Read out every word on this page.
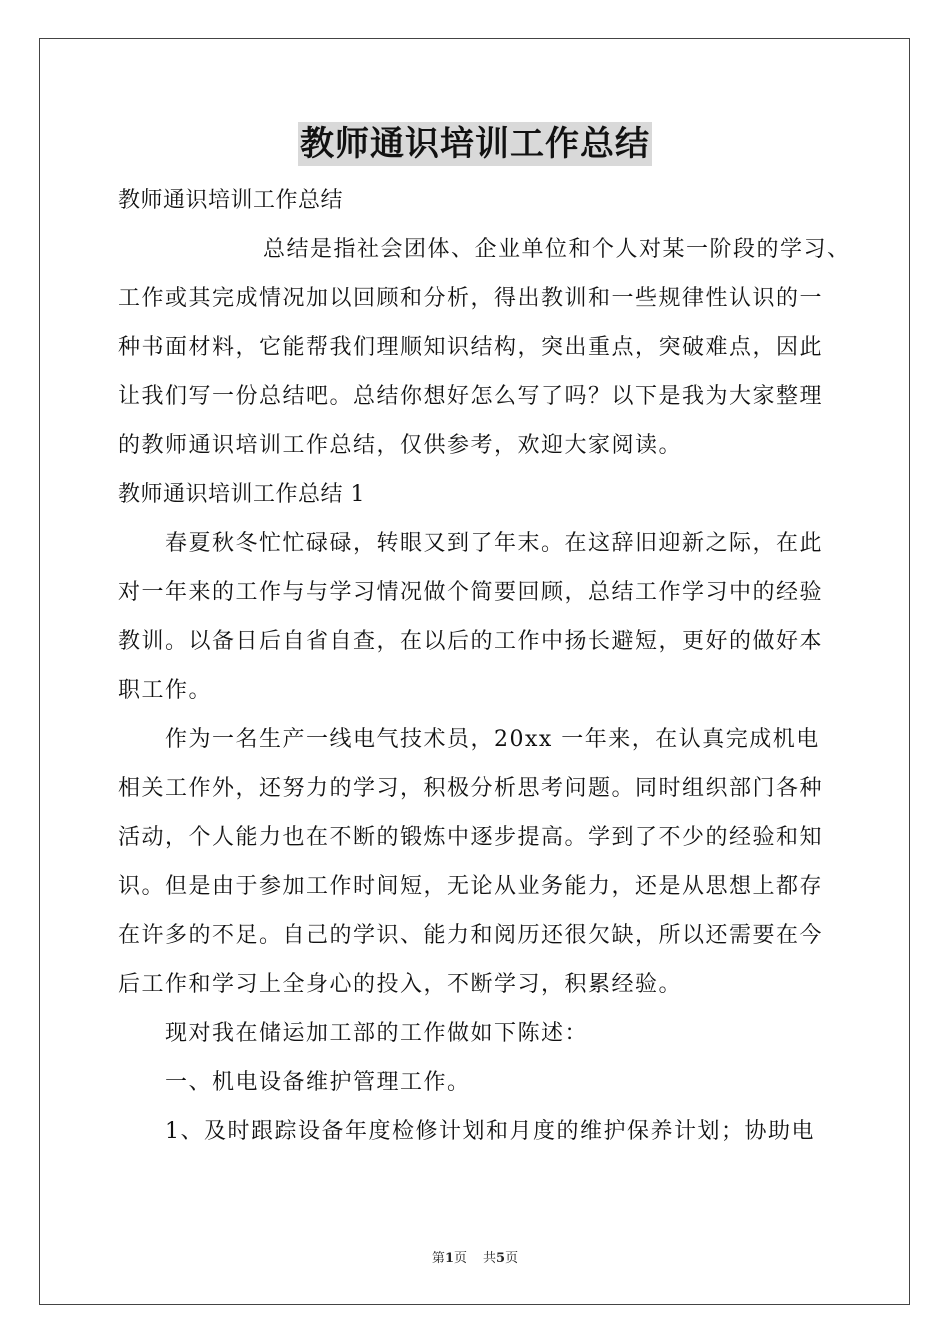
教师通识培训工作总结
教师通识培训工作总结
总结是指社会团体、企业单位和个人对某一阶段的学习、
工作或其完成情况加以回顾和分析，得出教训和一些规律性认识的一
种书面材料，它能帮我们理顺知识结构，突出重点，突破难点，因此
让我们写一份总结吧。总结你想好怎么写了吗？以下是我为大家整理
的教师通识培训工作总结，仅供参考，欢迎大家阅读。
教师通识培训工作总结 1
春夏秋冬忙忙碌碌，转眼又到了年末。在这辞旧迎新之际，在此
对一年来的工作与与学习情况做个简要回顾，总结工作学习中的经验
教训。以备日后自省自查，在以后的工作中扬长避短，更好的做好本
职工作。
作为一名生产一线电气技术员，20xx 一年来，在认真完成机电
相关工作外，还努力的学习，积极分析思考问题。同时组织部门各种
活动，个人能力也在不断的锻炼中逐步提高。学到了不少的经验和知
识。但是由于参加工作时间短，无论从业务能力，还是从思想上都存
在许多的不足。自己的学识、能力和阅历还很欠缺，所以还需要在今
后工作和学习上全身心的投入，不断学习，积累经验。
现对我在储运加工部的工作做如下陈述：
一、机电设备维护管理工作。
1、及时跟踪设备年度检修计划和月度的维护保养计划；协助电
第1页 共5页
